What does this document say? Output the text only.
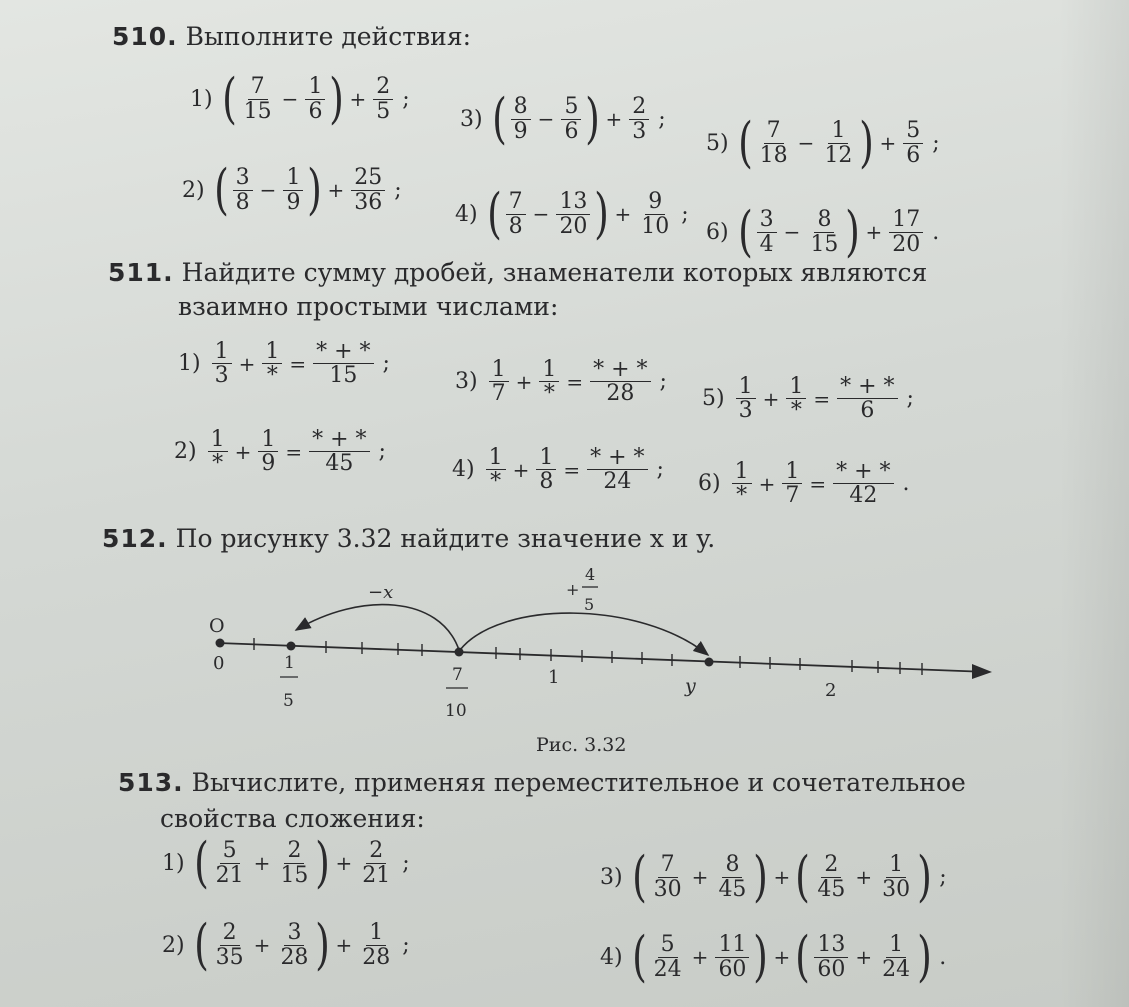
510. Выполните действия:
1) ( $\frac{7}{15} - \frac{1}{6}$ ) + $\frac{2}{5}$ ;
3) ( $\frac{8}{9} - \frac{5}{6}$ ) + $\frac{2}{3}$ ;
5) ( $\frac{7}{18} - \frac{1}{12}$ ) + $\frac{5}{6}$ ;
2) ( $\frac{3}{8} - \frac{1}{9}$ ) + $\frac{25}{36}$ ;
4) ( $\frac{7}{8} - \frac{13}{20}$ ) + $\frac{9}{10}$ ;
6) ( $\frac{3}{4} - \frac{8}{15}$ ) + $\frac{17}{20}$ .
511. Найдите сумму дробей, знаменатели которых являются
взаимно простыми числами:
$1) \frac{1}{3} + \frac{1}{*} = \frac{* + *}{15}$ ;
$3) \frac{1}{7} + \frac{1}{*} = \frac{* + *}{28}$ ;
$5) \frac{1}{3} + \frac{1}{*} = \frac{* + *}{6}$ ;
$2) \frac{1}{*} + \frac{1}{9} = \frac{* + *}{45}$ ;
$4) \frac{1}{*} + \frac{1}{8} = \frac{* + *}{24}$ ;
$6) \frac{1}{*} + \frac{1}{7} = \frac{* + *}{42}$ .
512. По рисунку 3.32 найдите значение x и y.
−x	+
4
5
O
0	1
5
7
10
1	y	2
Рис. 3.32
513. Вычислите, применяя переместительное и сочетательное
свойства сложения:
1) ( $\frac{5}{21} + \frac{2}{15}$ ) + $\frac{2}{21}$ ;
2) ( $\frac{2}{35} + \frac{3}{28}$ ) + $\frac{1}{28}$ ;
3) ( $\frac{7}{30} + \frac{8}{45}$ ) + ( $\frac{2}{45} + \frac{1}{30}$ ) ;
4) ( $\frac{5}{24} + \frac{11}{60}$ ) + ( $\frac{13}{60} + \frac{1}{24}$ ) .
